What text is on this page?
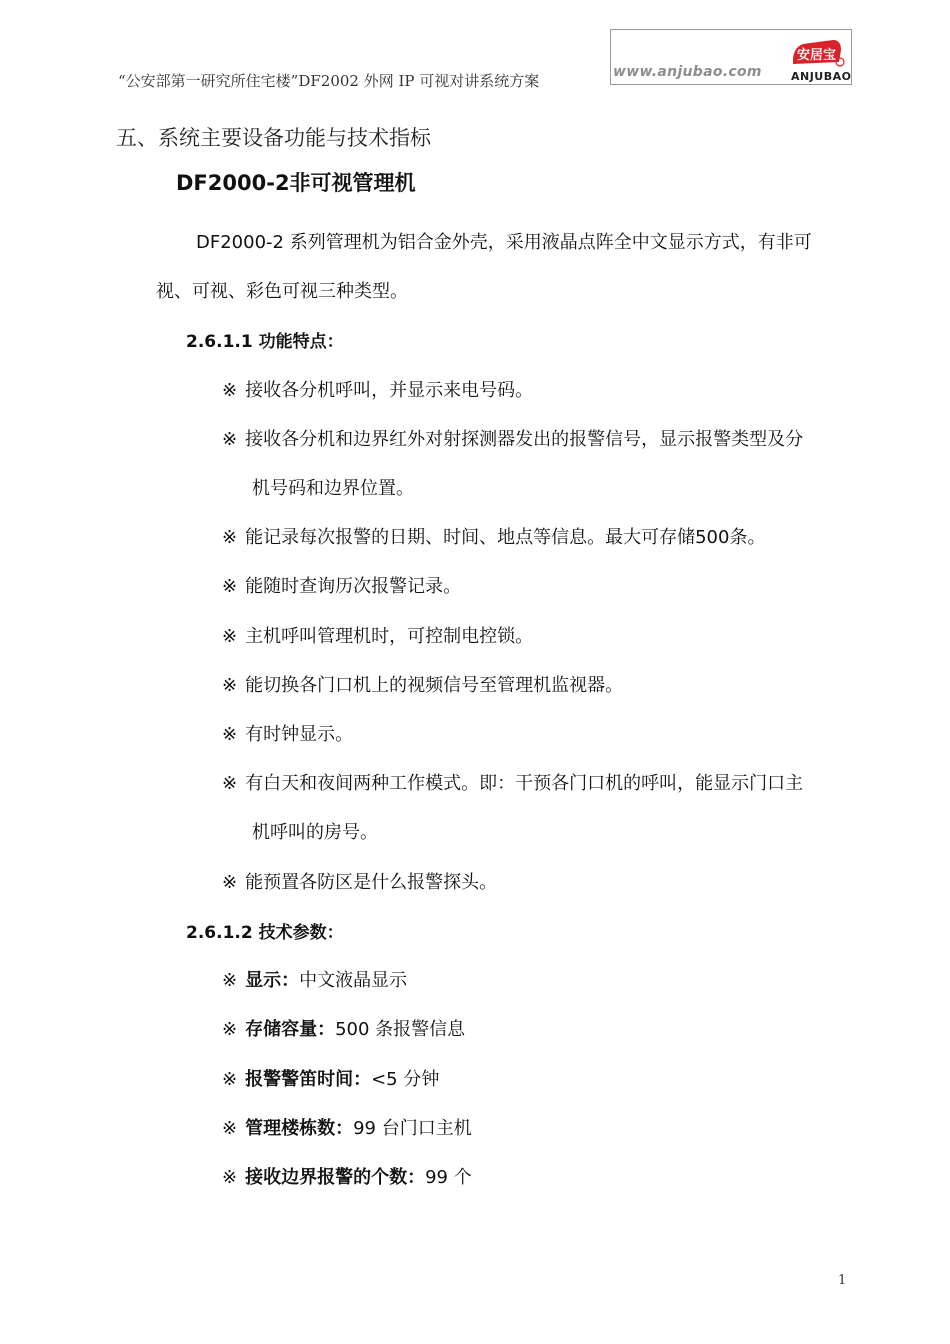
“公安部第一研究所住宅楼”DF2002 外网 IP 可视对讲系统方案	www.anjubao.com
安居宝
ANJUBAO
五、系统主要设备功能与技术指标
DF2000-2非可视管理机
DF2000-2 系列管理机为铝合金外壳，采用液晶点阵全中文显示方式，有非可
视、可视、彩色可视三种类型。
2.6.1.1 功能特点：
※ 接收各分机呼叫，并显示来电号码。
※ 接收各分机和边界红外对射探测器发出的报警信号，显示报警类型及分
机号码和边界位置。
※ 能记录每次报警的日期、时间、地点等信息。最大可存储500条。
※ 能随时查询历次报警记录。
※ 主机呼叫管理机时，可控制电控锁。
※ 能切换各门口机上的视频信号至管理机监视器。
※ 有时钟显示。
※ 有白天和夜间两种工作模式。即：干预各门口机的呼叫，能显示门口主
机呼叫的房号。
※ 能预置各防区是什么报警探头。
2.6.1.2 技术参数：
※ 显示：中文液晶显示
※ 存储容量：500 条报警信息
※ 报警警笛时间：<5 分钟
※ 管理楼栋数：99 台门口主机
※ 接收边界报警的个数：99 个
1
